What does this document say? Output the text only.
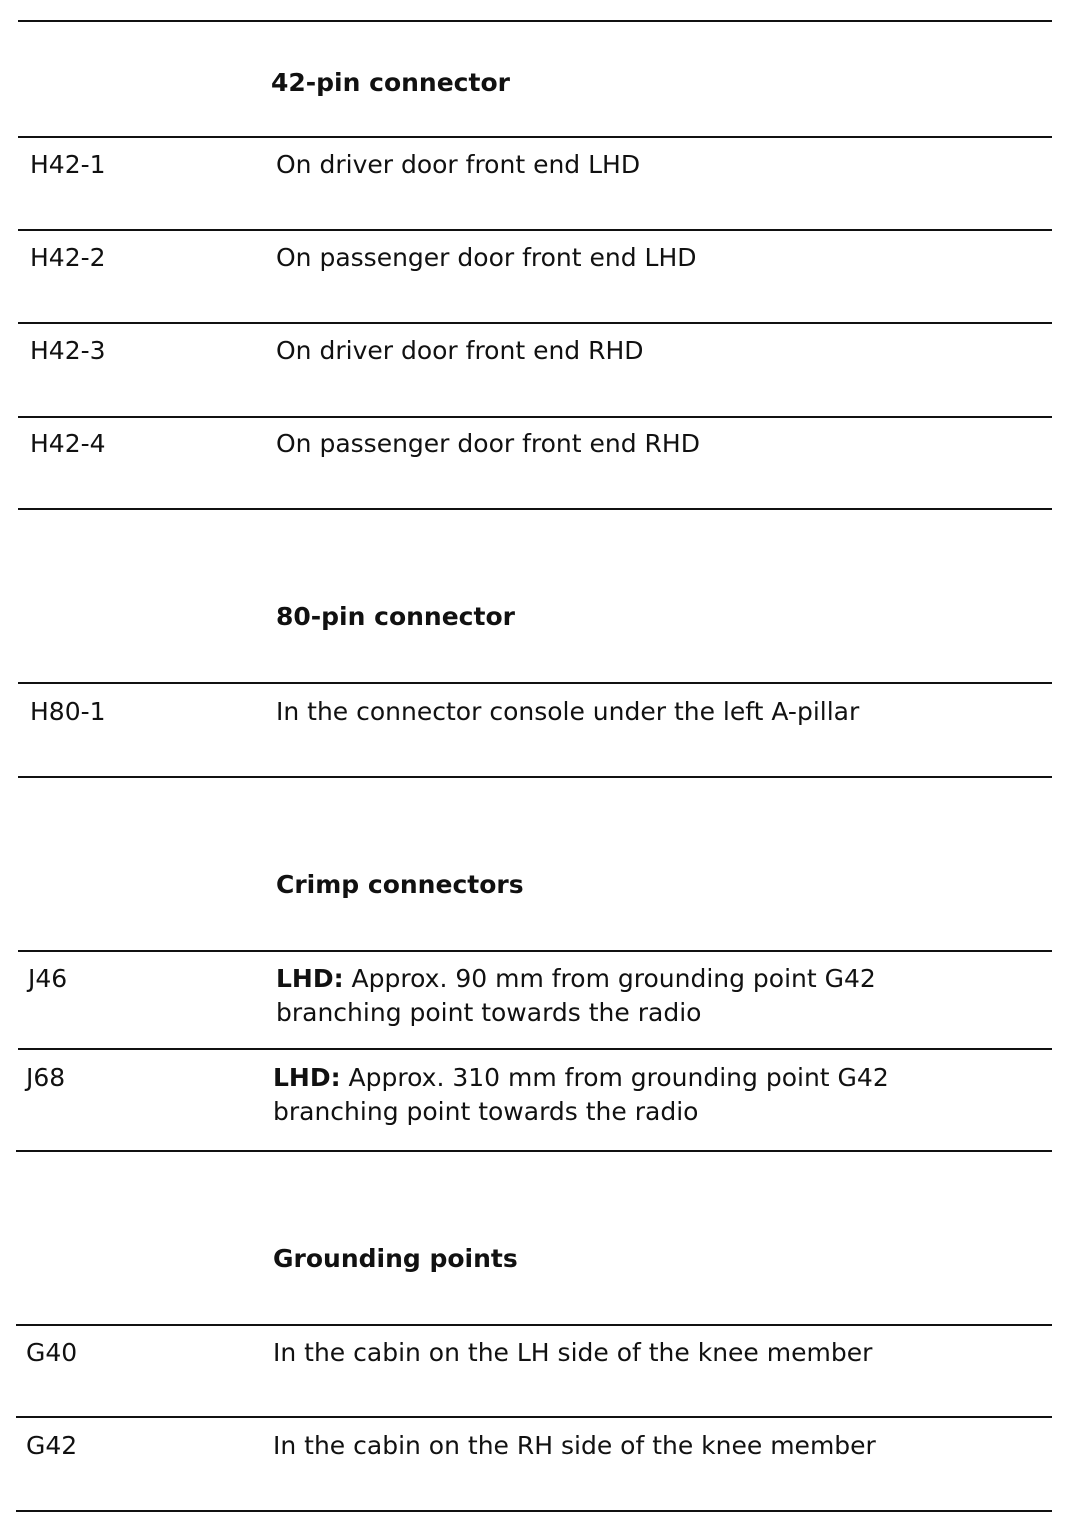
42-pin connector
H42-1	On driver door front end LHD
H42-2	On passenger door front end LHD
H42-3	On driver door front end RHD
H42-4	On passenger door front end RHD
80-pin connector
H80-1	In the connector console under the left A-pillar
Crimp connectors
J46	LHD: Approx. 90 mm from grounding point G42
branching point towards the radio
J68	LHD: Approx. 310 mm from grounding point G42
branching point towards the radio
Grounding points
G40	In the cabin on the LH side of the knee member
G42	In the cabin on the RH side of the knee member
